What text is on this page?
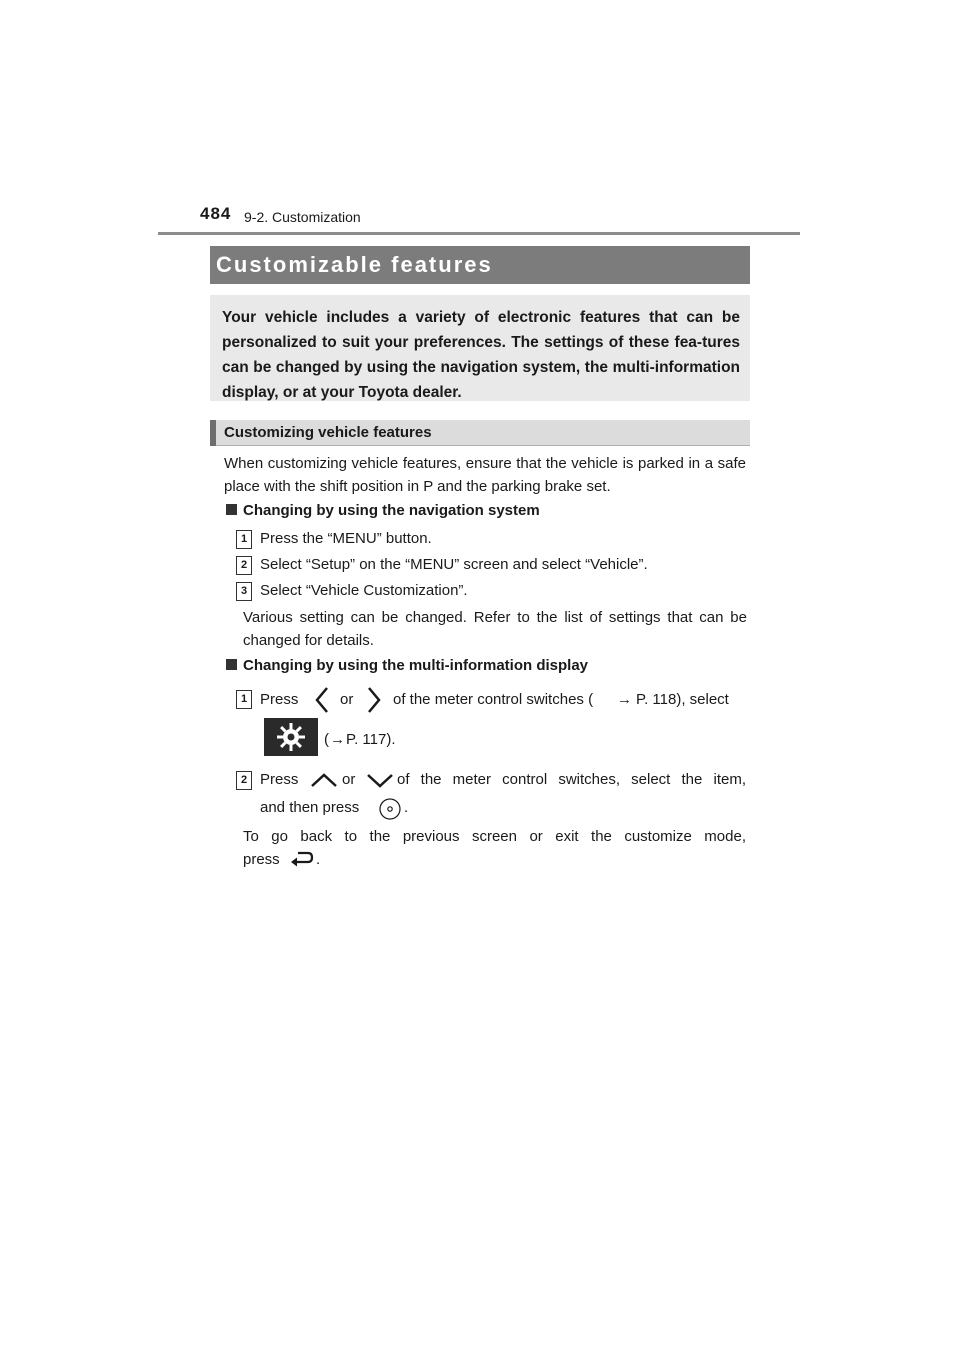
484 9-2. Customization
Customizable features
Your vehicle includes a variety of electronic features that can be personalized to suit your preferences. The settings of these fea-tures can be changed by using the navigation system, the multi-information display, or at your Toyota dealer.
Customizing vehicle features
When customizing vehicle features, ensure that the vehicle is parked in a safe place with the shift position in P and the parking brake set.
Changing by using the navigation system
1 Press the “MENU” button.
2 Select “Setup” on the “MENU” screen and select “Vehicle”.
3 Select “Vehicle Customization”.
Various setting can be changed. Refer to the list of settings that can be changed for details.
Changing by using the multi-information display
1 Press	or	of the meter control switches ( → P. 118), select
( → P. 117).
2 Press	or	of the meter control switches, select the item,
and then press	.
To go back to the previous screen or exit the customize mode,
press .
